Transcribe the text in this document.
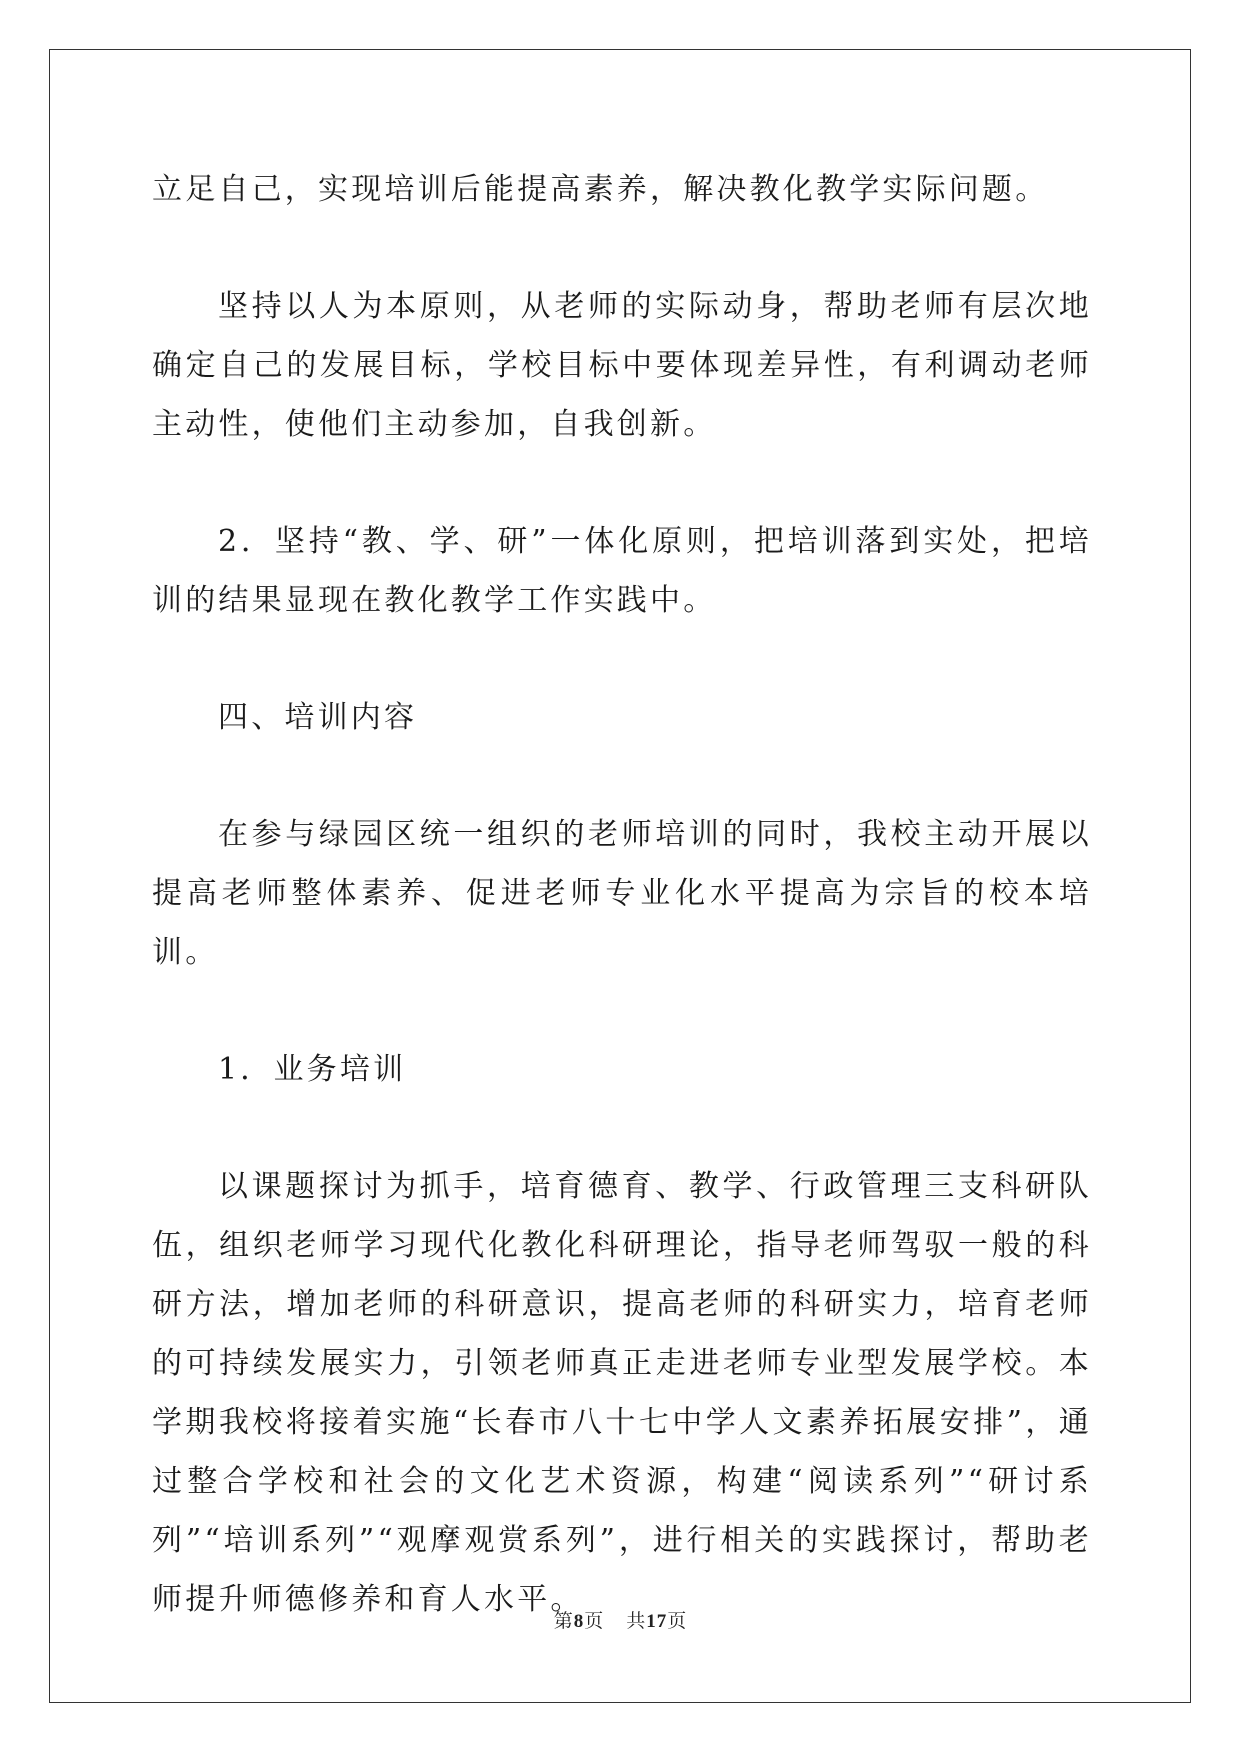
立足自己，实现培训后能提高素养，解决教化教学实际问题。

坚持以人为本原则，从老师的实际动身，帮助老师有层次地确定自己的发展目标，学校目标中要体现差异性，有利调动老师主动性，使他们主动参加，自我创新。

2．坚持“教、学、研”一体化原则，把培训落到实处，把培训的结果显现在教化教学工作实践中。

四、培训内容

在参与绿园区统一组织的老师培训的同时，我校主动开展以提高老师整体素养、促进老师专业化水平提高为宗旨的校本培训。

1．业务培训

以课题探讨为抓手，培育德育、教学、行政管理三支科研队伍，组织老师学习现代化教化科研理论，指导老师驾驭一般的科研方法，增加老师的科研意识，提高老师的科研实力，培育老师的可持续发展实力，引领老师真正走进老师专业型发展学校。本学期我校将接着实施“长春市八十七中学人文素养拓展安排”，通过整合学校和社会的文化艺术资源，构建“阅读系列”“研讨系列”“培训系列”“观摩观赏系列”，进行相关的实践探讨，帮助老师提升师德修养和育人水平。

第8页 共17页
